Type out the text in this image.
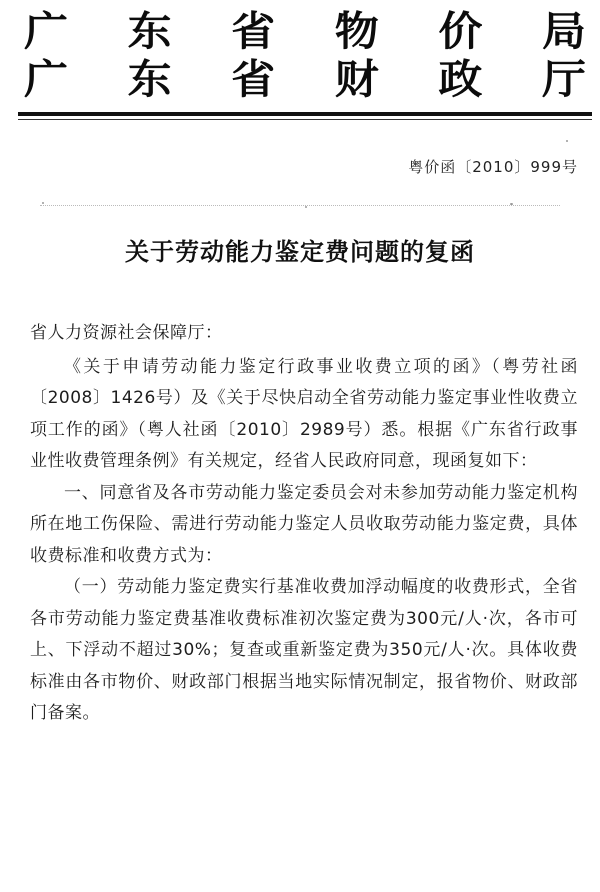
广 东 省 物 价 局
广 东 省 财 政 厅
粤价函〔2010〕999号
关于劳动能力鉴定费问题的复函

省人力资源社会保障厅：

《关于申请劳动能力鉴定行政事业收费立项的函》（粤劳社函〔2008〕1426号）及《关于尽快启动全省劳动能力鉴定事业性收费立项工作的函》（粤人社函〔2010〕2989号）悉。根据《广东省行政事业性收费管理条例》有关规定，经省人民政府同意，现函复如下：

一、同意省及各市劳动能力鉴定委员会对未参加劳动能力鉴定机构所在地工伤保险、需进行劳动能力鉴定人员收取劳动能力鉴定费，具体收费标准和收费方式为：

（一）劳动能力鉴定费实行基准收费加浮动幅度的收费形式，全省各市劳动能力鉴定费基准收费标准初次鉴定费为300元/人·次，各市可上、下浮动不超过30%；复查或重新鉴定费为350元/人·次。具体收费标准由各市物价、财政部门根据当地实际情况制定，报省物价、财政部门备案。
